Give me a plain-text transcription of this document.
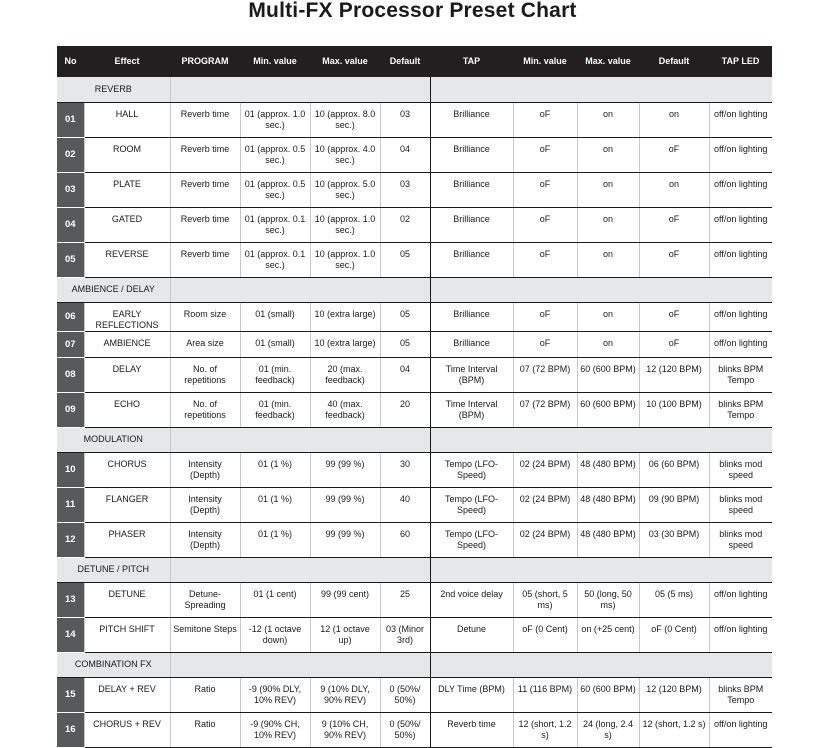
Multi-FX Processor Preset Chart
No	Effect	PROGRAM	Min. value	Max. value	Default	TAP	Min. value	Max. value	Default	TAP LED
REVERB										
01	HALL	Reverb time	01 (approx. 1.0 sec.)	10 (approx. 8.0 sec.)	03	Brilliance	oF	on	on	off/on lighting
02	ROOM	Reverb time	01 (approx. 0.5 sec.)	10 (approx. 4.0 sec.)	04	Brilliance	oF	on	oF	off/on lighting
03	PLATE	Reverb time	01 (approx. 0.5 sec.)	10 (approx. 5.0 sec.)	03	Brilliance	oF	on	on	off/on lighting
04	GATED	Reverb time	01 (approx. 0.1 sec.)	10 (approx. 1.0 sec.)	02	Brilliance	oF	on	oF	off/on lighting
05	REVERSE	Reverb time	01 (approx. 0.1 sec.)	10 (approx. 1.0 sec.)	05	Brilliance	oF	on	oF	off/on lighting
AMBIENCE / DELAY										
06	EARLY REFLECTIONS	Room size	01 (small)	10 (extra large)	05	Brilliance	oF	on	oF	off/on lighting
07	AMBIENCE	Area size	01 (small)	10 (extra large)	05	Brilliance	oF	on	oF	off/on lighting
08	DELAY	No. of repetitions	01 (min. feedback)	20 (max. feedback)	04	Time Interval (BPM)	07 (72 BPM)	60 (600 BPM)	12 (120 BPM)	blinks BPM Tempo
09	ECHO	No. of repetitions	01 (min. feedback)	40 (max. feedback)	20	Time Interval (BPM)	07 (72 BPM)	60 (600 BPM)	10 (100 BPM)	blinks BPM Tempo
MODULATION										
10	CHORUS	Intensity (Depth)	01 (1 %)	99 (99 %)	30	Tempo (LFO-Speed)	02 (24 BPM)	48 (480 BPM)	06 (60 BPM)	blinks mod speed
11	FLANGER	Intensity (Depth)	01 (1 %)	99 (99 %)	40	Tempo (LFO-Speed)	02 (24 BPM)	48 (480 BPM)	09 (90 BPM)	blinks mod speed
12	PHASER	Intensity (Depth)	01 (1 %)	99 (99 %)	60	Tempo (LFO-Speed)	02 (24 BPM)	48 (480 BPM)	03 (30 BPM)	blinks mod speed
DETUNE / PITCH										
13	DETUNE	Detune-Spreading	01 (1 cent)	99 (99 cent)	25	2nd voice delay	05 (short, 5 ms)	50 (long, 50 ms)	05 (5 ms)	off/on lighting
14	PITCH SHIFT	Semitone Steps	-12 (1 octave down)	12 (1 octave up)	03 (Minor 3rd)	Detune	oF (0 Cent)	on (+25 cent)	oF (0 Cent)	off/on lighting
COMBINATION FX										
15	DELAY + REV	Ratio	-9 (90% DLY, 10% REV)	9 (10% DLY, 90% REV)	0 (50%/ 50%)	DLY Time (BPM)	11 (116 BPM)	60 (600 BPM)	12 (120 BPM)	blinks BPM Tempo
16	CHORUS + REV	Ratio	-9 (90% CH, 10% REV)	9 (10% CH, 90% REV)	0 (50%/ 50%)	Reverb time	12 (short, 1.2 s)	24 (long, 2.4 s)	12 (short, 1.2 s)	off/on lighting
